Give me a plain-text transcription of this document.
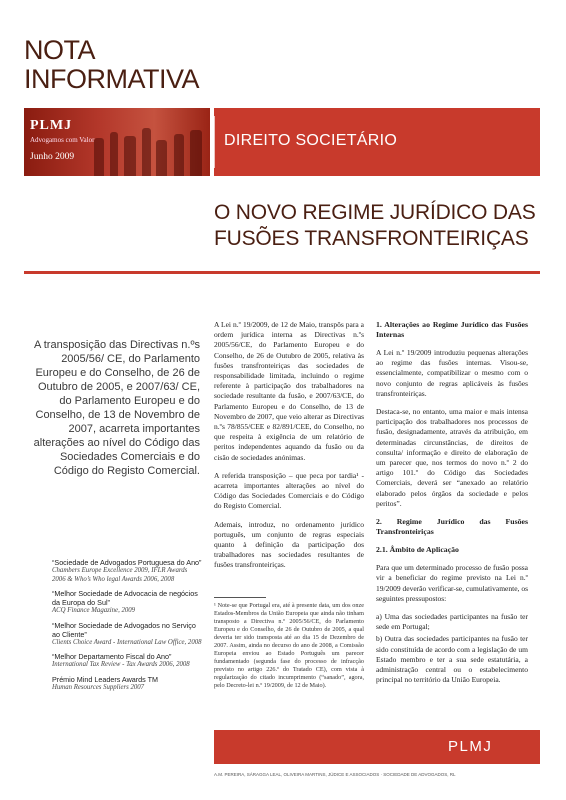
NOTA
INFORMATIVA
PLMJ
Advogamos com Valor
Junho 2009
DIREITO SOCIETÁRIO
O NOVO REGIME JURÍDICO DAS
FUSÕES TRANSFRONTEIRIÇAS
A transposição das Directivas n.ºs 2005/56/ CE, do Parlamento Europeu e do Conselho, de 26 de Outubro de 2005, e 2007/63/ CE, do Parlamento Europeu e do Conselho, de 13 de Novembro de 2007, acarreta importantes alterações ao nível do Código das Sociedades Comerciais e do Código do Registo Comercial.
“Sociedade de Advogados Portuguesa do Ano”
Chambers Europe Excellence 2009, IFLR Awards 2006 & Who’s Who legal Awards 2006, 2008
“Melhor Sociedade de Advocacia de negócios da Europa do Sul”
ACQ Finance Magazine, 2009
“Melhor Sociedade de Advogados no Serviço ao Cliente”
Clients Choice Award - International Law Office, 2008
“Melhor Departamento Fiscal do Ano”
International Tax Review - Tax Awards 2006, 2008
Prémio Mind Leaders Awards TM
Human Resources Suppliers 2007

A Lei n.º 19/2009, de 12 de Maio, transpôs para a ordem jurídica interna as Directivas n.ºs 2005/56/CE, do Parlamento Europeu e do Conselho, de 26 de Outubro de 2005, relativa às fusões transfronteiriças das sociedades de responsabilidade limitada, incluindo o regime referente à participação dos trabalhadores na sociedade resultante da fusão, e 2007/63/CE, do Parlamento Europeu e do Conselho, de 13 de Novembro de 2007, que veio alterar as Directivas n.ºs 78/855/CEE e 82/891/CEE, do Conselho, no que respeita à exigência de um relatório de peritos independentes aquando da fusão ou da cisão de sociedades anónimas.

A referida transposição – que peca por tardia¹ - acarreta importantes alterações ao nível do Código das Sociedades Comerciais e do Código do Registo Comercial.

Ademais, introduz, no ordenamento jurídico português, um conjunto de regras especiais quanto à definição da participação dos trabalhadores nas sociedades resultantes de fusões transfronteiriças.

¹ Note-se que Portugal era, até à presente data, um dos onze Estados-Membros da União Europeia que ainda não tinham transposto a Directiva n.º 2005/56/CE, do Parlamento Europeu e do Conselho, de 26 de Outubro de 2005, a qual deveria ter sido transposta até ao dia 15 de Dezembro de 2007. Assim, ainda no decurso do ano de 2008, a Comissão Europeia enviou ao Estado Português um parecer fundamentado (segunda fase do processo de infracção previsto no artigo 226.º do Tratado CE), com vista à regularização do citado incumprimento (“sanado”, agora, pelo Decreto-lei n.º 19/2009, de 12 de Maio).
1. Alterações ao Regime Jurídico das Fusões Internas

A Lei n.º 19/2009 introduziu pequenas alterações ao regime das fusões internas. Visou-se, essencialmente, compatibilizar o mesmo com o novo conjunto de regras aplicáveis às fusões transfronteiriças.

Destaca-se, no entanto, uma maior e mais intensa participação dos trabalhadores nos processos de fusão, designadamente, através da atribuição, em determinadas circunstâncias, de direitos de consulta/ informação e direito de elaboração de um parecer que, nos termos do novo n.º 2 do artigo 101.º do Código das Sociedades Comerciais, deverá ser “anexado ao relatório elaborado pelos órgãos da sociedade e pelos peritos”.

2. Regime Jurídico das Fusões Transfronteiriças
2.1. Âmbito de Aplicação

Para que um determinado processo de fusão possa vir a beneficiar do regime previsto na Lei n.º 19/2009 deverão verificar-se, cumulativamente, os seguintes pressupostos:

a) Uma das sociedades participantes na fusão ter sede em Portugal;

b) Outra das sociedades participantes na fusão ter sido constituída de acordo com a legislação de um Estado membro e ter a sua sede estatutária, a administração central ou o estabelecimento principal no território da União Europeia.

PLMJ
A.M. PEREIRA, SÁRAGGA LEAL, OLIVEIRA MARTINS, JÚDICE E ASSOCIADOS · SOCIEDADE DE ADVOGADOS, RL
